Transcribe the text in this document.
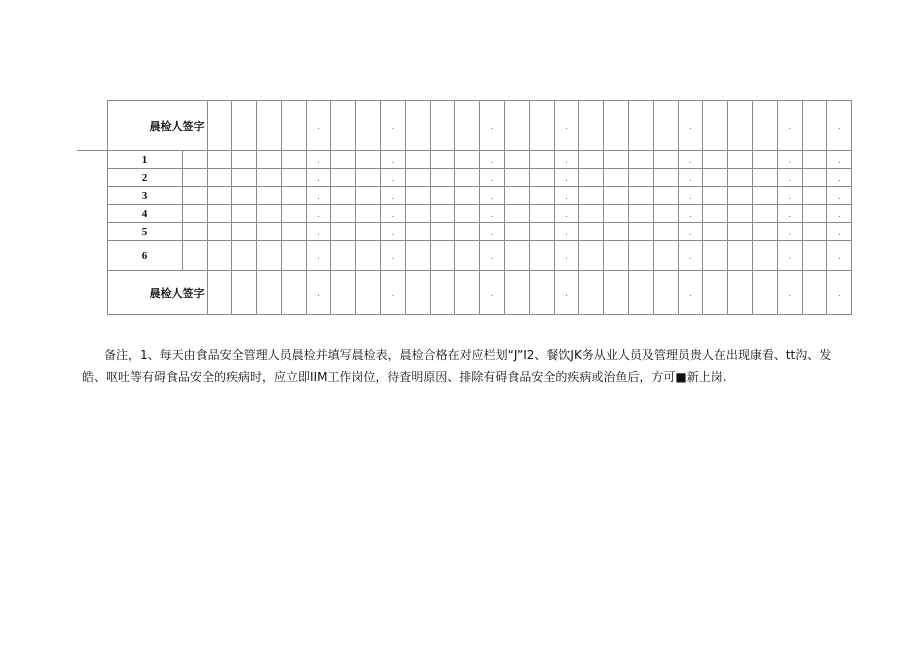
	晨检人签字						.			.				.			.					.				.		.
	1						.			.				.			.					.				.		.
	2						.			.				.			.					.				.		.
	3						.			.				.			.					.				.		.
	4						.			.				.			.					.				.		.
	5						.			.				.			.					.				.		.
	6						.			.				.			.					.				.		.
	晨检人签字						.			.				.			.					.				.		.

备注，1、每天由食品安全管理人员晨检并填写晨检表，晨检合格在对应栏划“J”I2、餐饮JK务从业人员及管理员贵人在出现康看、tt沟、发

皓、呕吐等有碍食品安全的疾病时，应立即IIM工作岗位，待査明原因、排除有碍食品安全的疾病或治鱼后，方可■新上岗.
